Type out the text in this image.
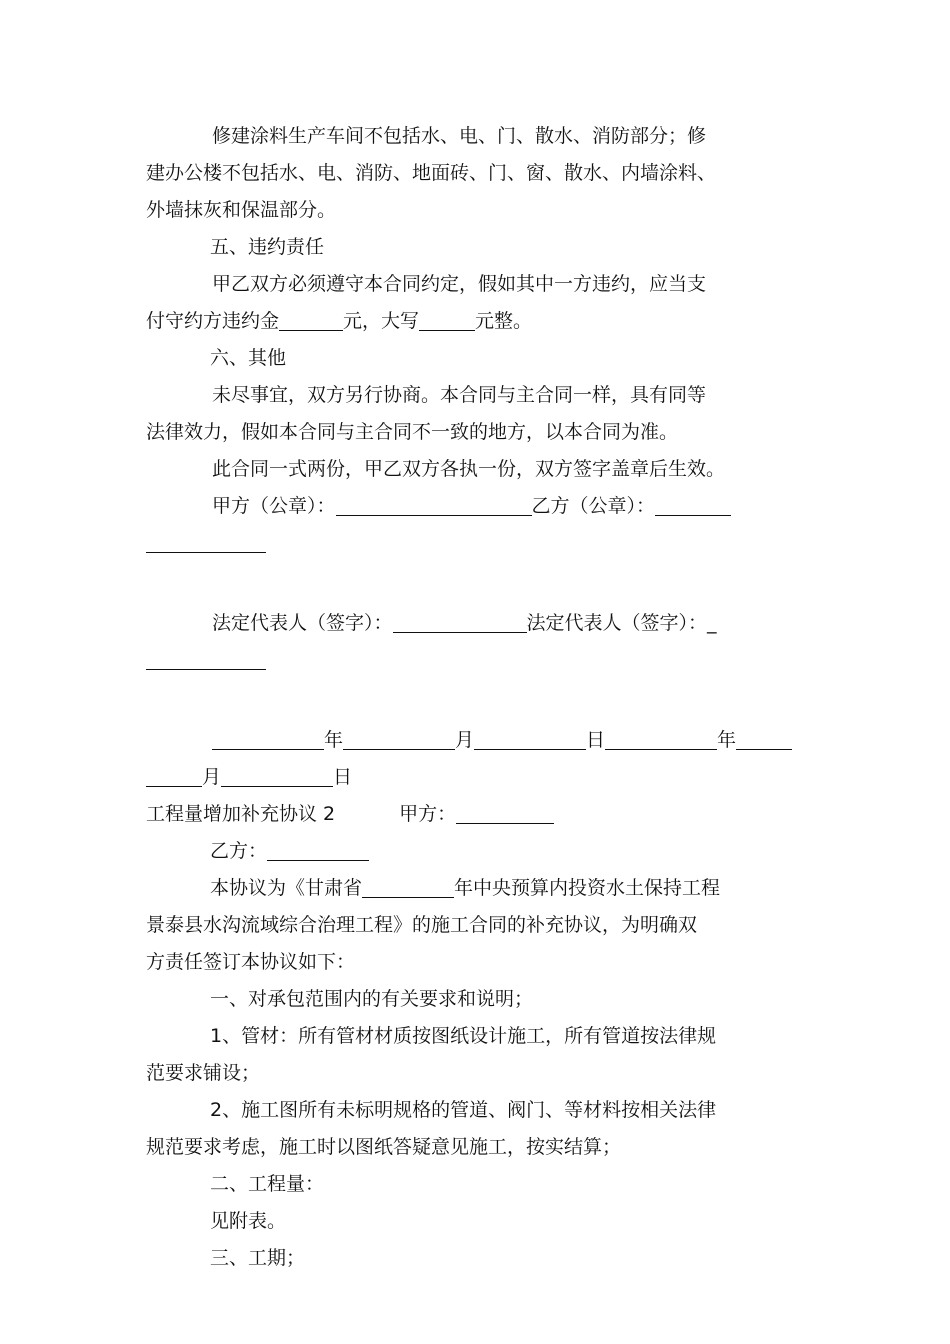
修建涂料生产车间不包括水、电、门、散水、消防部分；修
建办公楼不包括水、电、消防、地面砖、门、窗、散水、内墙涂料、
外墙抹灰和保温部分。
五、违约责任
甲乙双方必须遵守本合同约定，假如其中一方违约，应当支
付守约方违约金	元，大写	元整。
六、其他
未尽事宜，双方另行协商。本合同与主合同一样，具有同等
法律效力，假如本合同与主合同不一致的地方，以本合同为准。
此合同一式两份，甲乙双方各执一份，双方签字盖章后生效。
甲方（公章）：	乙方（公章）：
法定代表人（签字）：	法定代表人（签字）：_
年	月	日	年
月	日
工程量增加补充协议 2	甲方：
乙方：
本协议为《甘肃省	年中央预算内投资水土保持工程
景泰县水沟流域综合治理工程》的施工合同的补充协议，为明确双
方责任签订本协议如下：
一、对承包范围内的有关要求和说明；
1、管材：所有管材材质按图纸设计施工，所有管道按法律规
范要求铺设；
2、施工图所有未标明规格的管道、阀门、等材料按相关法律
规范要求考虑，施工时以图纸答疑意见施工，按实结算；
二、工程量：
见附表。
三、工期；
